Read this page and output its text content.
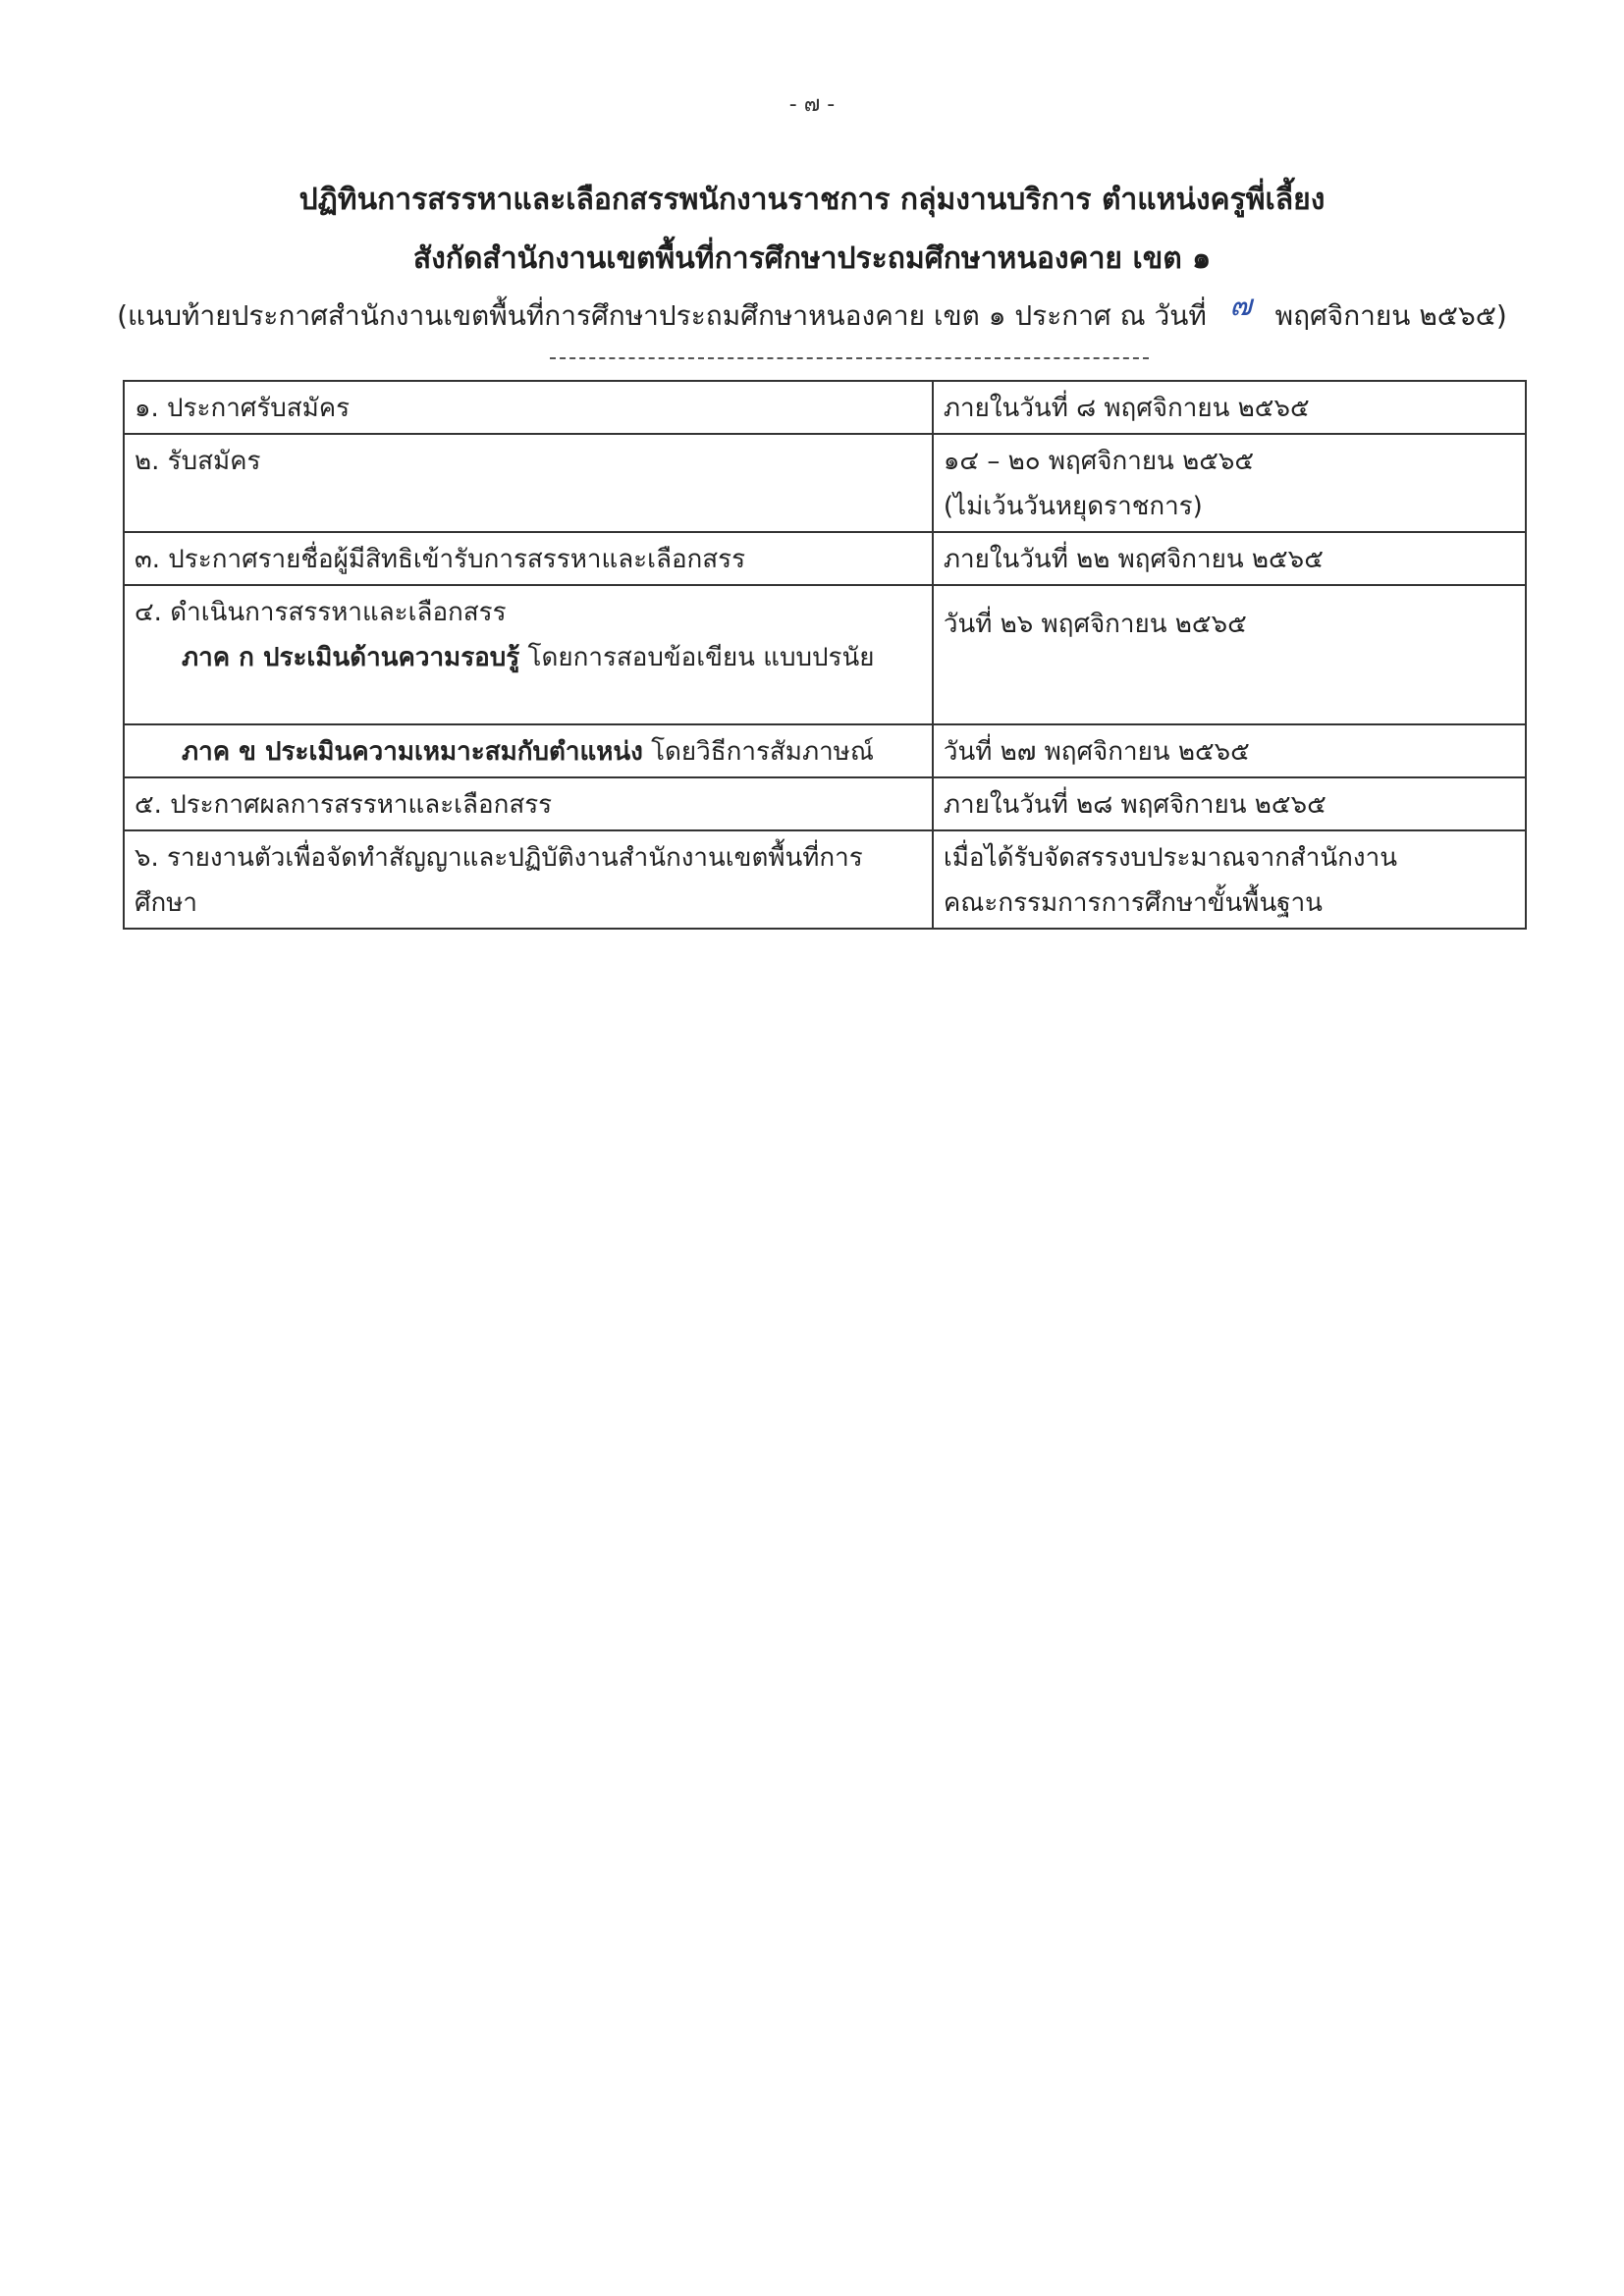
- ๗ -
ปฏิทินการสรรหาและเลือกสรรพนักงานราชการ กลุ่มงานบริการ ตำแหน่งครูพี่เลี้ยง
สังกัดสำนักงานเขตพื้นที่การศึกษาประถมศึกษาหนองคาย เขต ๑
(แนบท้ายประกาศสำนักงานเขตพื้นที่การศึกษาประถมศึกษาหนองคาย เขต ๑ ประกาศ ณ วันที่ ๗ พฤศจิกายน ๒๕๖๕)
๑. ประกาศรับสมัคร	ภายในวันที่ ๘ พฤศจิกายน ๒๕๖๕
๒. รับสมัคร	๑๔ – ๒๐ พฤศจิกายน ๒๕๖๕
(ไม่เว้นวันหยุดราชการ)

๓. ประกาศรายชื่อผู้มีสิทธิเข้ารับการสรรหาและเลือกสรร	ภายในวันที่ ๒๒ พฤศจิกายน ๒๕๖๕

๔. ดำเนินการสรรหาและเลือกสรร
ภาค ก ประเมินด้านความรอบรู้ โดยการสอบข้อเขียน แบบปรนัย	วันที่ ๒๖ พฤศจิกายน ๒๕๖๕

ภาค ข ประเมินความเหมาะสมกับตำแหน่ง โดยวิธีการสัมภาษณ์	วันที่ ๒๗ พฤศจิกายน ๒๕๖๕
๕. ประกาศผลการสรรหาและเลือกสรร	ภายในวันที่ ๒๘ พฤศจิกายน ๒๕๖๕
๖. รายงานตัวเพื่อจัดทำสัญญาและปฏิบัติงานสำนักงานเขตพื้นที่การศึกษา	เมื่อได้รับจัดสรรงบประมาณจากสำนักงาน
คณะกรรมการการศึกษาขั้นพื้นฐาน
